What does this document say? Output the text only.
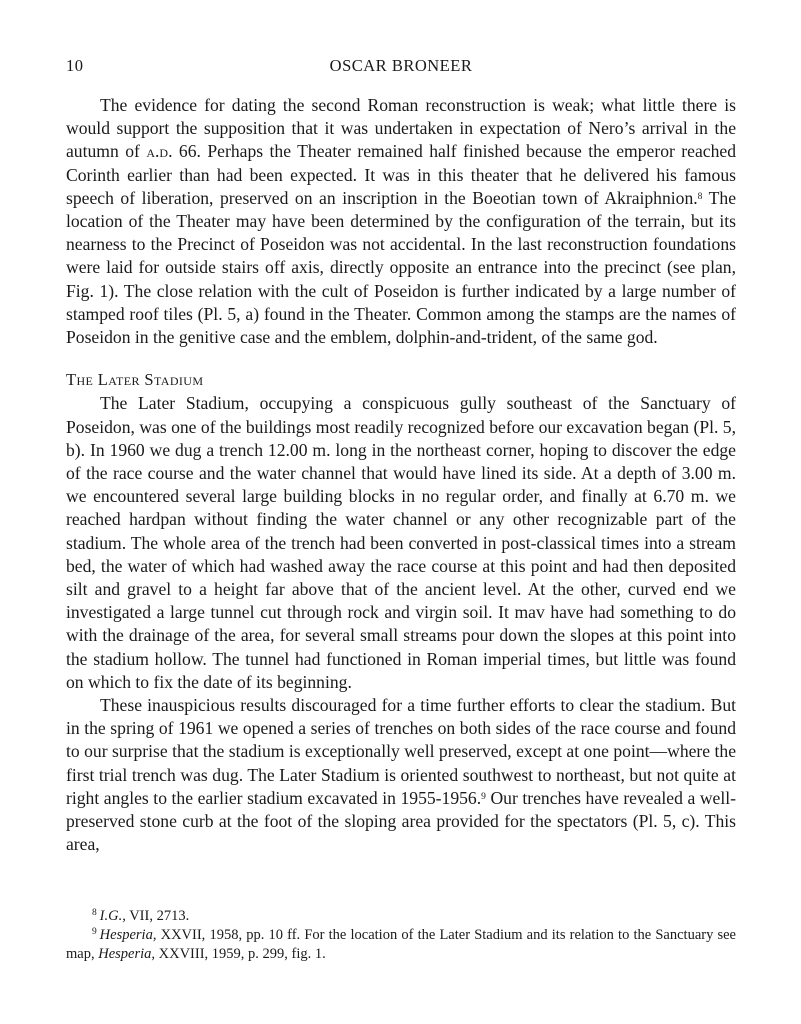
10	OSCAR BRONEER

The evidence for dating the second Roman reconstruction is weak; what little there is would support the supposition that it was undertaken in expectation of Nero’s arrival in the autumn of a.d. 66. Perhaps the Theater remained half finished because the emperor reached Corinth earlier than had been expected. It was in this theater that he delivered his famous speech of liberation, preserved on an inscription in the Boeotian town of Akraiphnion.$^8$ The location of the Theater may have been determined by the configuration of the terrain, but its nearness to the Precinct of Poseidon was not accidental. In the last reconstruction foundations were laid for outside stairs off axis, directly opposite an entrance into the precinct (see plan, Fig. 1). The close relation with the cult of Poseidon is further indicated by a large number of stamped roof tiles (Pl. 5, a) found in the Theater. Common among the stamps are the names of Poseidon in the genitive case and the emblem, dolphin-and-trident, of the same god.

The Later Stadium

The Later Stadium, occupying a conspicuous gully southeast of the Sanctuary of Poseidon, was one of the buildings most readily recognized before our excavation began (Pl. 5, b). In 1960 we dug a trench 12.00 m. long in the northeast corner, hoping to discover the edge of the race course and the water channel that would have lined its side. At a depth of 3.00 m. we encountered several large building blocks in no regular order, and finally at 6.70 m. we reached hardpan without finding the water channel or any other recognizable part of the stadium. The whole area of the trench had been converted in post-classical times into a stream bed, the water of which had washed away the race course at this point and had then deposited silt and gravel to a height far above that of the ancient level. At the other, curved end we investigated a large tunnel cut through rock and virgin soil. It mav have had something to do with the drainage of the area, for several small streams pour down the slopes at this point into the stadium hollow. The tunnel had functioned in Roman imperial times, but little was found on which to fix the date of its beginning.

These inauspicious results discouraged for a time further efforts to clear the stadium. But in the spring of 1961 we opened a series of trenches on both sides of the race course and found to our surprise that the stadium is exceptionally well preserved, except at one point—where the first trial trench was dug. The Later Stadium is oriented southwest to northeast, but not quite at right angles to the earlier stadium excavated in 1955-1956.$^9$ Our trenches have revealed a well-preserved stone curb at the foot of the sloping area provided for the spectators (Pl. 5, c). This area,

$^8$  I.G., VII, 2713.

$^9$  Hesperia, XXVII, 1958, pp. 10 ff. For the location of the Later Stadium and its relation to the Sanctuary see map, Hesperia, XXVIII, 1959, p. 299, fig. 1.
